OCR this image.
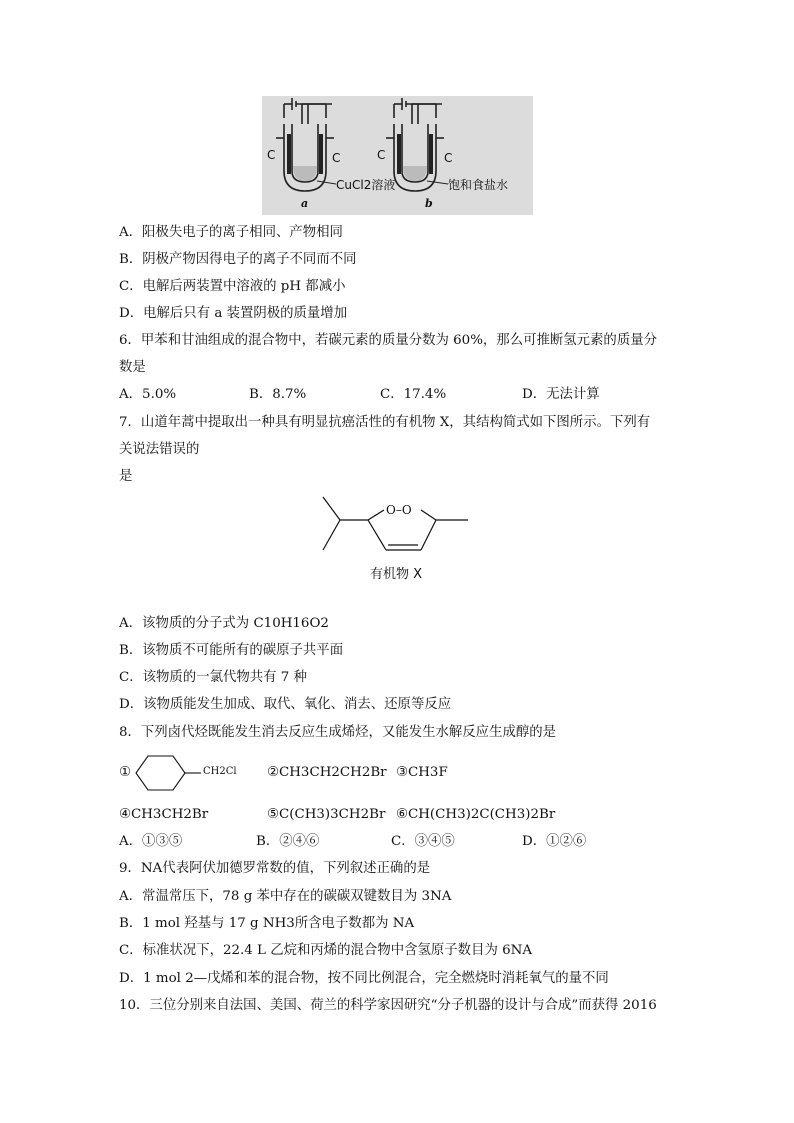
C	C
CuCl2溶液
a
C	C
饱和食盐水
b
A．阳极失电子的离子相同、产物相同
B．阴极产物因得电子的离子不同而不同
C．电解后两装置中溶液的 pH 都减小
D．电解后只有 a 装置阴极的质量增加
6．甲苯和甘油组成的混合物中，若碳元素的质量分数为 60%，那么可推断氢元素的质量分
数是
A．5.0%	B．8.7%	C．17.4%	D．无法计算
7．山道年蒿中提取出一种具有明显抗癌活性的有机物 X，其结构简式如下图所示。下列有
关说法错误的
是
O–O
有机物 X
A．该物质的分子式为 C10H16O2
B．该物质不可能所有的碳原子共平面
C．该物质的一氯代物共有 7 种
D．该物质能发生加成、取代、氧化、消去、还原等反应
8．下列卤代烃既能发生消去反应生成烯烃，又能发生水解反应生成醇的是
①	CH2Cl ②CH3CH2CH2Br ③CH3F
④CH3CH2Br	⑤C(CH3)3CH2Br ⑥CH(CH3)2C(CH3)2Br
A．①③⑤	B．②④⑥	C．③④⑤	D．①②⑥
9．NA代表阿伏加德罗常数的值，下列叙述正确的是
A．常温常压下，78 g 苯中存在的碳碳双键数目为 3NA
B．1 mol 羟基与 17 g NH3所含电子数都为 NA
C．标准状况下，22.4 L 乙烷和丙烯的混合物中含氢原子数目为 6NA
D．1 mol 2—戊烯和苯的混合物，按不同比例混合，完全燃烧时消耗氧气的量不同
10．三位分别来自法国、美国、荷兰的科学家因研究“分子机器的设计与合成”而获得 2016
